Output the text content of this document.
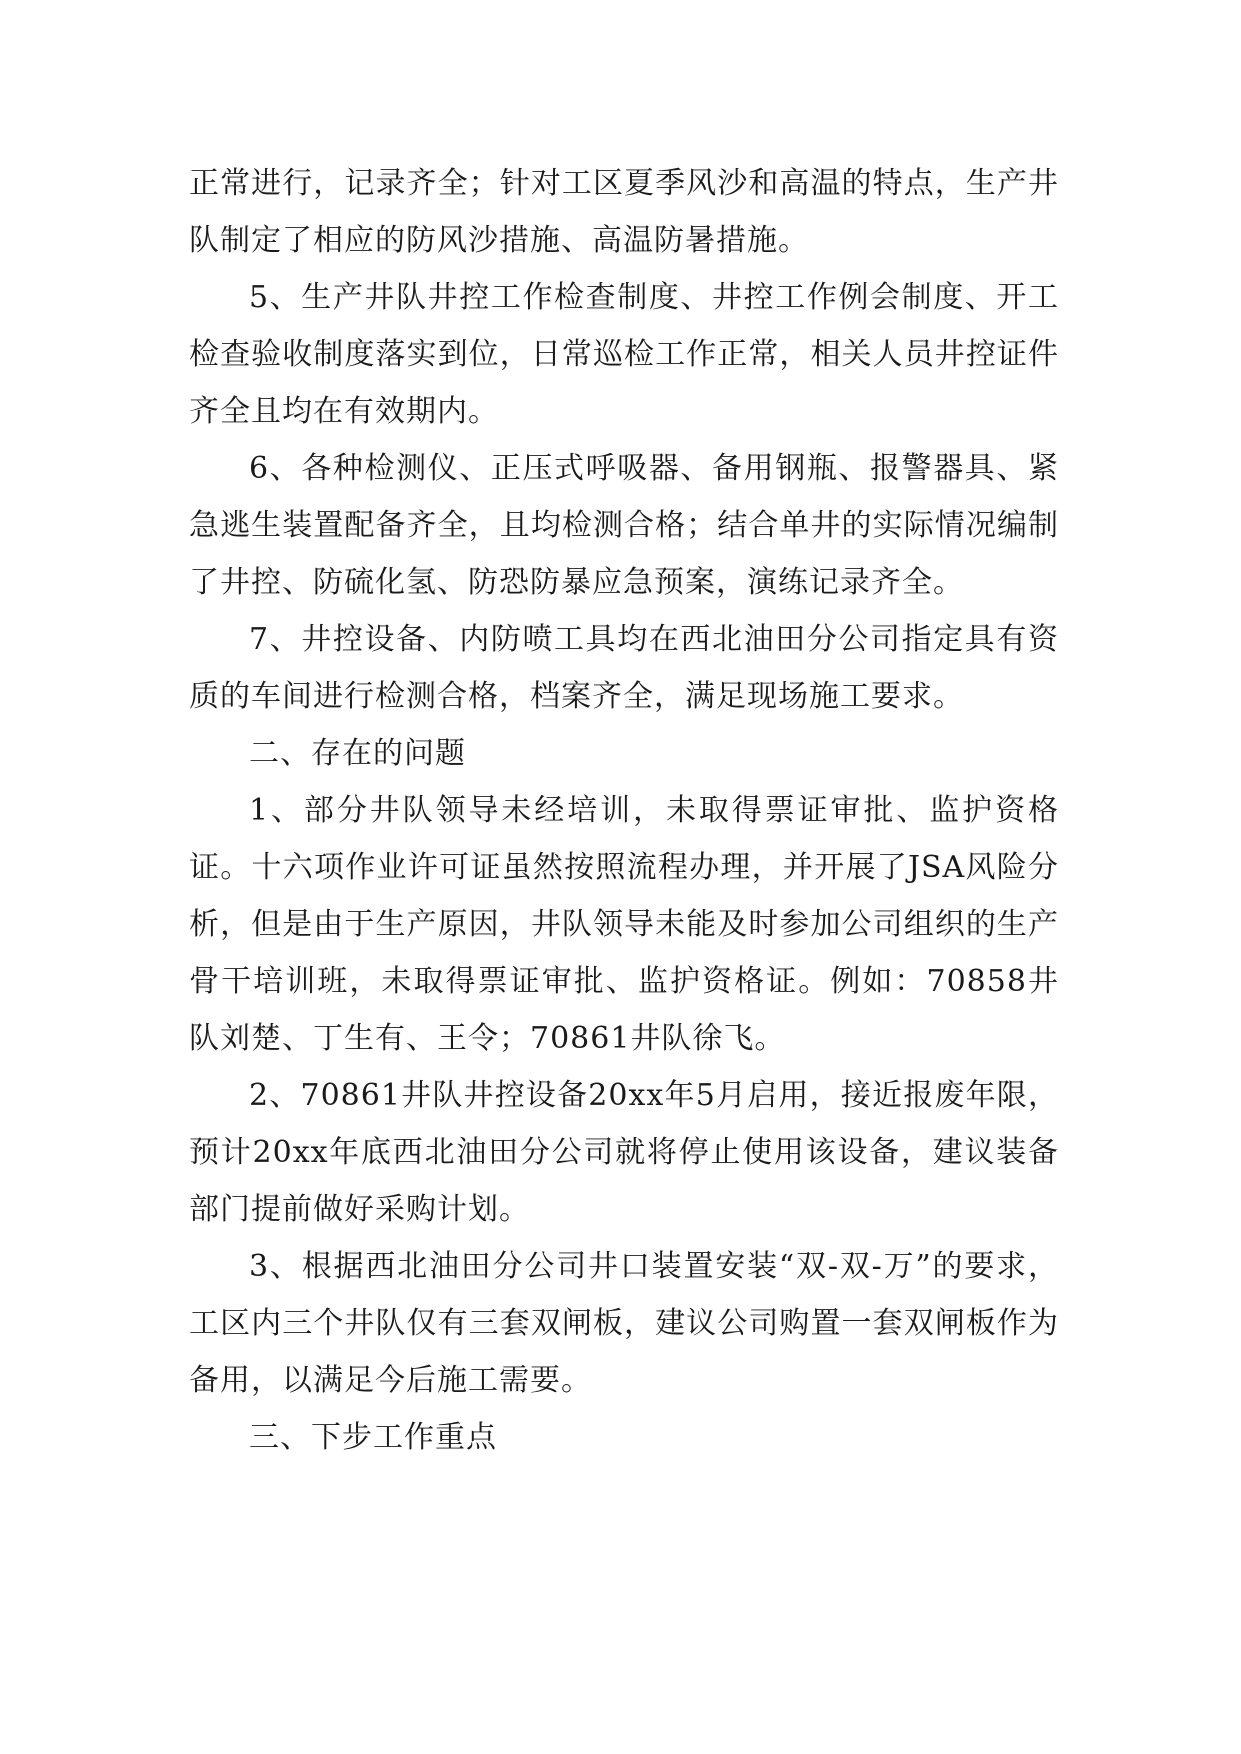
正常进行，记录齐全；针对工区夏季风沙和高温的特点，生产井队制定了相应的防风沙措施、高温防暑措施。

5、生产井队井控工作检查制度、井控工作例会制度、开工检查验收制度落实到位，日常巡检工作正常，相关人员井控证件齐全且均在有效期内。

6、各种检测仪、正压式呼吸器、备用钢瓶、报警器具、紧急逃生装置配备齐全，且均检测合格；结合单井的实际情况编制了井控、防硫化氢、防恐防暴应急预案，演练记录齐全。

7、井控设备、内防喷工具均在西北油田分公司指定具有资质的车间进行检测合格，档案齐全，满足现场施工要求。

二、存在的问题

1、部分井队领导未经培训，未取得票证审批、监护资格证。十六项作业许可证虽然按照流程办理，并开展了JSA风险分析，但是由于生产原因，井队领导未能及时参加公司组织的生产骨干培训班，未取得票证审批、监护资格证。例如：70858井队刘楚、丁生有、王令；70861井队徐飞。

2、70861井队井控设备20xx年5月启用，接近报废年限，预计20xx年底西北油田分公司就将停止使用该设备，建议装备部门提前做好采购计划。

3、根据西北油田分公司井口装置安装“双-双-万”的要求，工区内三个井队仅有三套双闸板，建议公司购置一套双闸板作为备用，以满足今后施工需要。

三、下步工作重点
